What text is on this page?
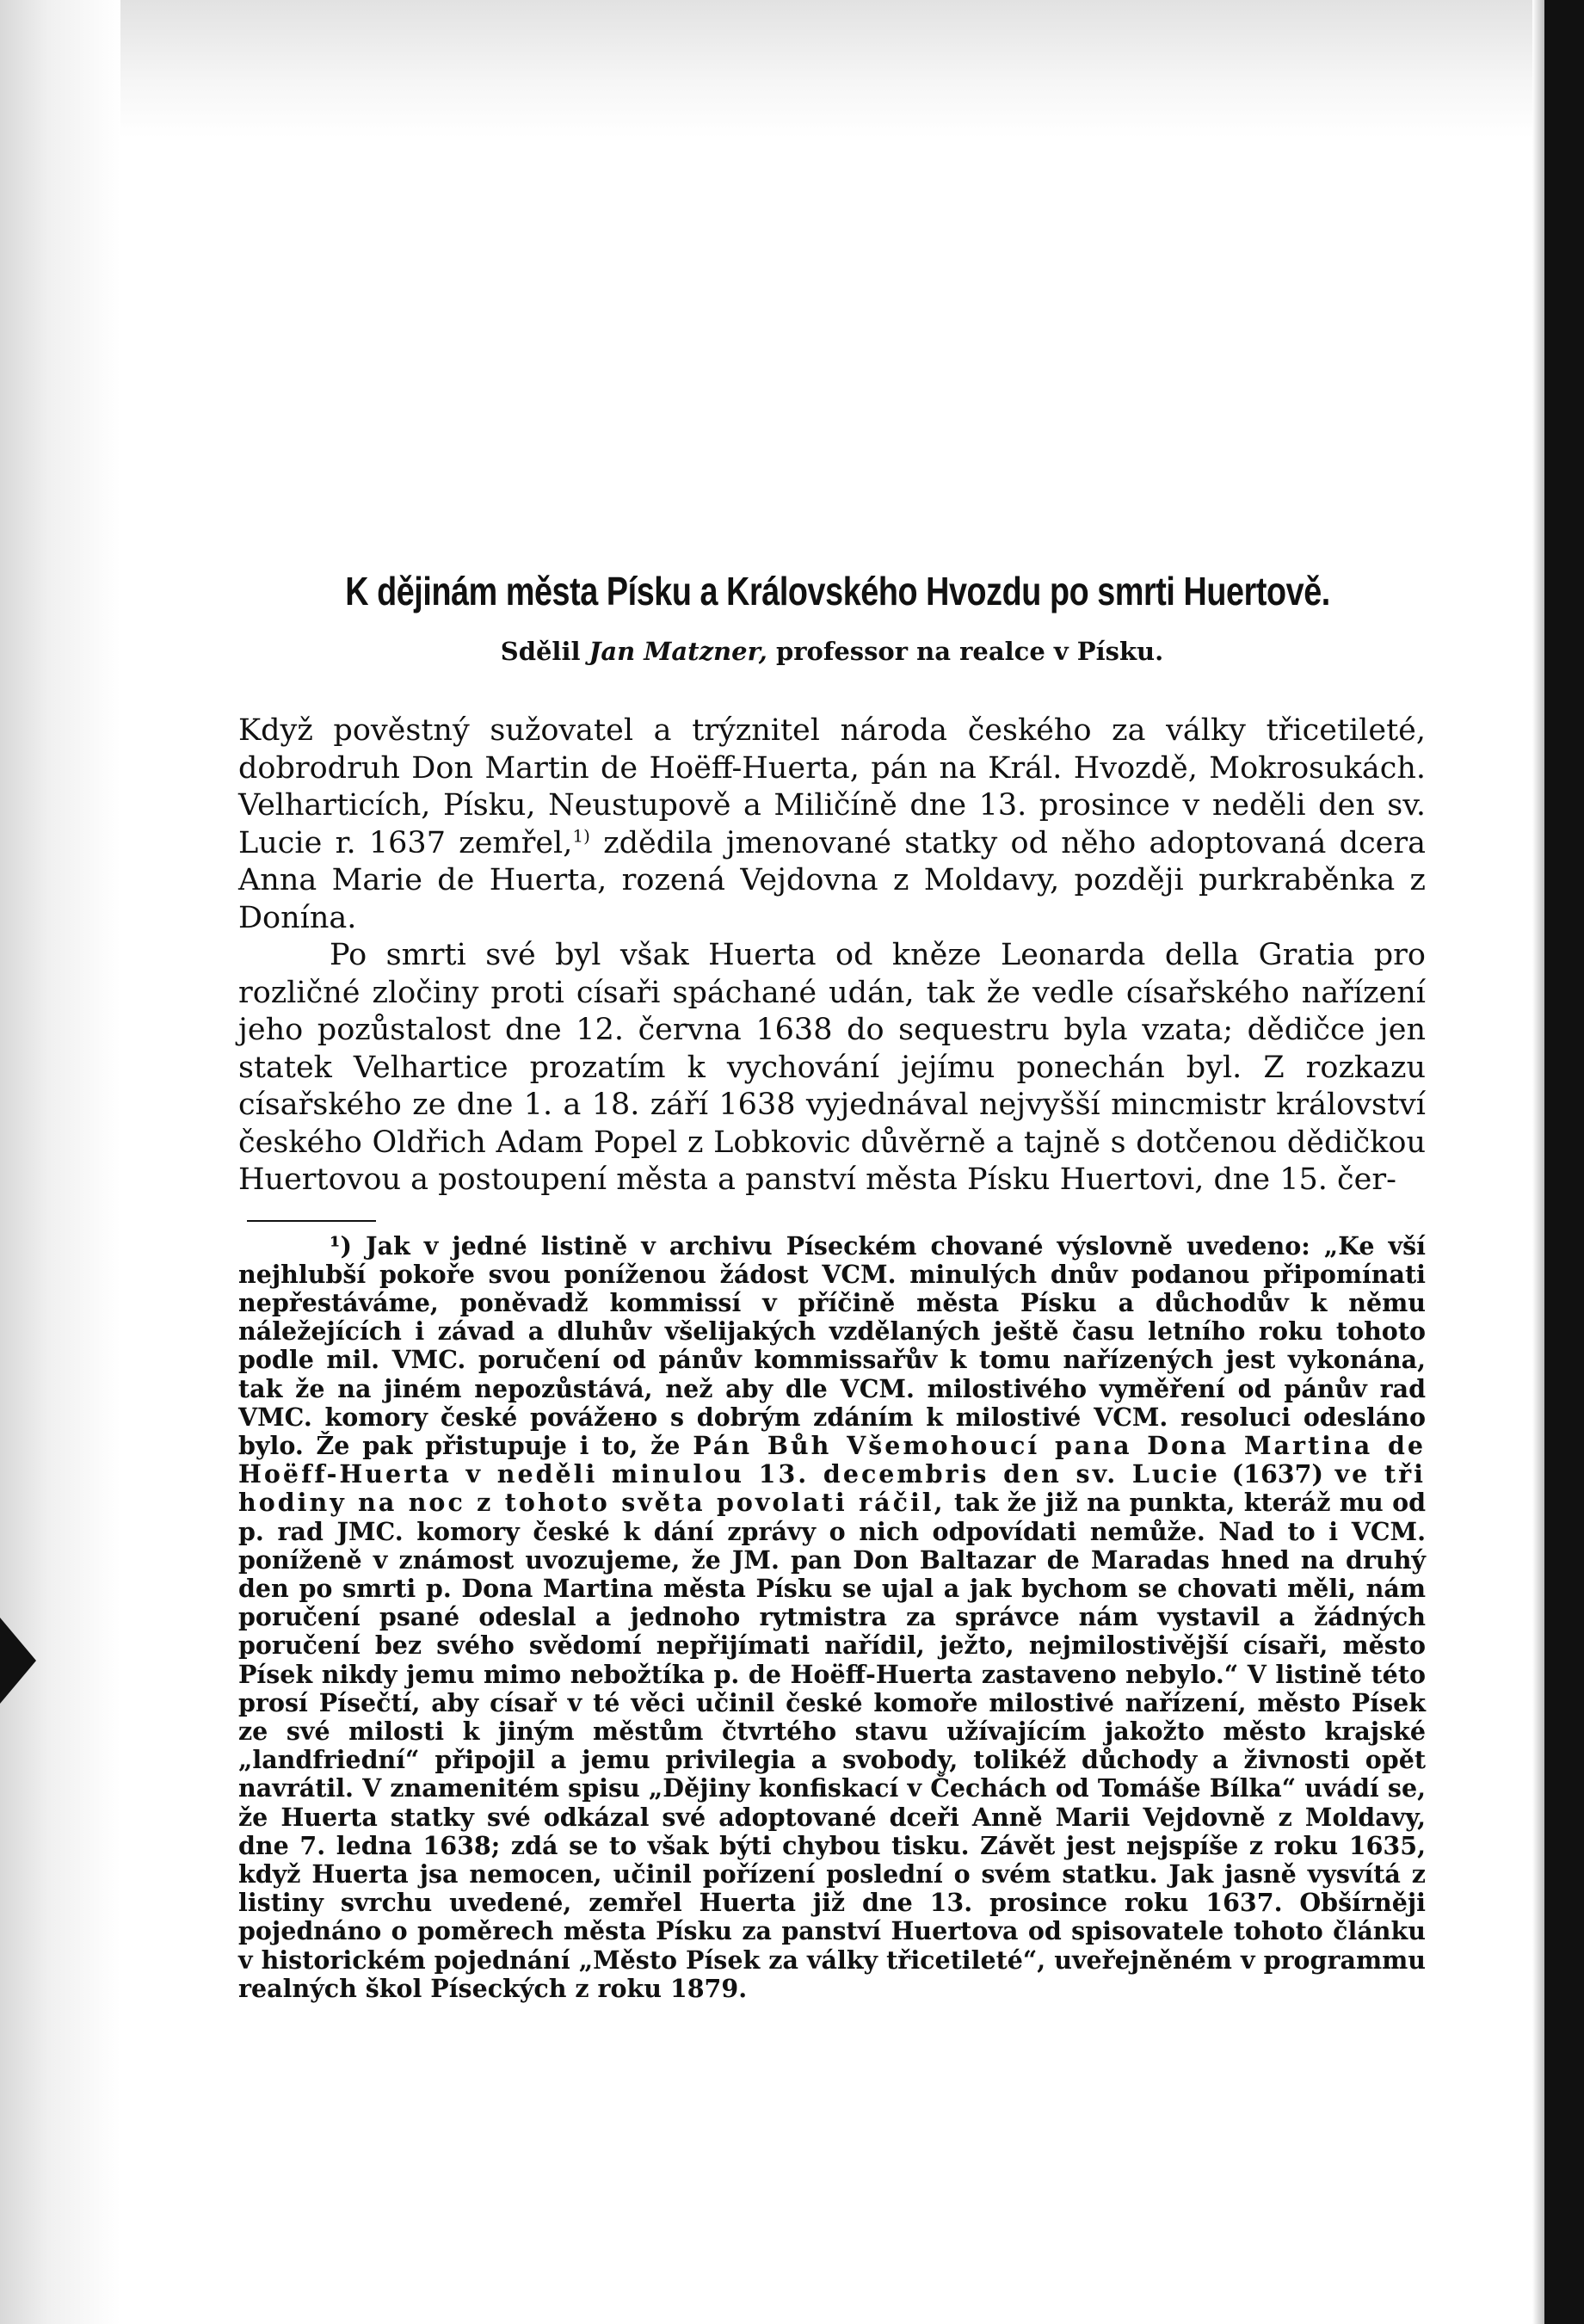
K dějinám města Písku a Královského Hvozdu po smrti Huertově.
Sdělil Jan Matzner, professor na realce v Písku.

Když pověstný sužovatel a trýznitel národa českého za války třicetileté, dobrodruh Don Martin de Hoëff-Huerta, pán na Král. Hvozdě, Mokrosukách. Velharticích, Písku, Neustupově a Miličíně dne 13. prosince v neděli den sv. Lucie r. 1637 zemřel,$^{1)}$ zdědila jmenované statky od něho adoptovaná dcera Anna Marie de Huerta, rozená Vejdovna z Moldavy, později purkraběnka z Donína.

Po smrti své byl však Huerta od kněze Leonarda della Gratia pro rozličné zločiny proti císaři spáchané udán, tak že vedle císařského nařízení jeho pozůstalost dne 12. června 1638 do sequestru byla vzata; dědičce jen statek Velhartice prozatím k vychování jejímu ponechán byl. Z rozkazu císařského ze dne 1. a 18. září 1638 vyjednával nejvyšší mincmistr království českého Oldřich Adam Popel z Lobkovic důvěrně a tajně s dotčenou dědičkou Huertovou a postoupení města a panství města Písku Huertovi, dne 15. čer-

¹) Jak v jedné listině v archivu Píseckém chované výslovně uvedeno: „Ke vší nejhlubší pokoře svou poníženou žádost VCM. minulých dnův podanou připomínati nepřestáváme, poněvadž kommissí v příčině města Písku a důchodův k němu náležejících i závad a dluhův všelijakých vzdělaných ještě času letního roku tohoto podle mil. VMC. poručení od pánův kommissařův k tomu nařízených jest vykonána, tak že na jiném nepozůstává, než aby dle VCM. milostivého vyměření od pánův rad VMC. komory české povážено s dobrým zdáním k milostivé VCM. resoluci odesláno bylo. Že pak přistupuje i to, že Pán Bůh Všemohoucí pana Dona Martina de Hoëff-Huerta v neděli minulou 13. decembris den sv. Lucie (1637) ve tři hodiny na noc z tohoto světa povolati ráčil, tak že již na punkta, kteráž mu od p. rad JMC. komory české k dání zprávy o nich odpovídati nemůže. Nad to i VCM. poníženě v známost uvozujeme, že JM. pan Don Baltazar de Maradas hned na druhý den po smrti p. Dona Martina města Písku se ujal a jak bychom se chovati měli, nám poručení psané odeslal a jednoho rytmistra za správce nám vystavil a žádných poručení bez svého svědomí nepřijímati nařídil, ježto, nejmilostivější císaři, město Písek nikdy jemu mimo nebožtíka p. de Hoëff-Huerta zastaveno nebylo.“ V listině této prosí Písečtí, aby císař v té věci učinil české komoře milostivé nařízení, město Písek ze své milosti k jiným městům čtvrtého stavu užívajícím jakožto město krajské „landfriední“ připojil a jemu privilegia a svobody, tolikéž důchody a živnosti opět navrátil. V znamenitém spisu „Dějiny konfiskací v Čechách od Tomáše Bílka“ uvádí se, že Huerta statky své odkázal své adoptované dceři Anně Marii Vejdovně z Moldavy, dne 7. ledna 1638; zdá se to však býti chybou tisku. Závět jest nejspíše z roku 1635, když Huerta jsa nemocen, učinil pořízení poslední o svém statku. Jak jasně vysvítá z listiny svrchu uvedené, zemřel Huerta již dne 13. prosince roku 1637. Obšírněji pojednáno o poměrech města Písku za panství Huertova od spisovatele tohoto článku v historickém pojednání „Město Písek za války třicetileté“, uveřejněném v programmu realných škol Píseckých z roku 1879.
